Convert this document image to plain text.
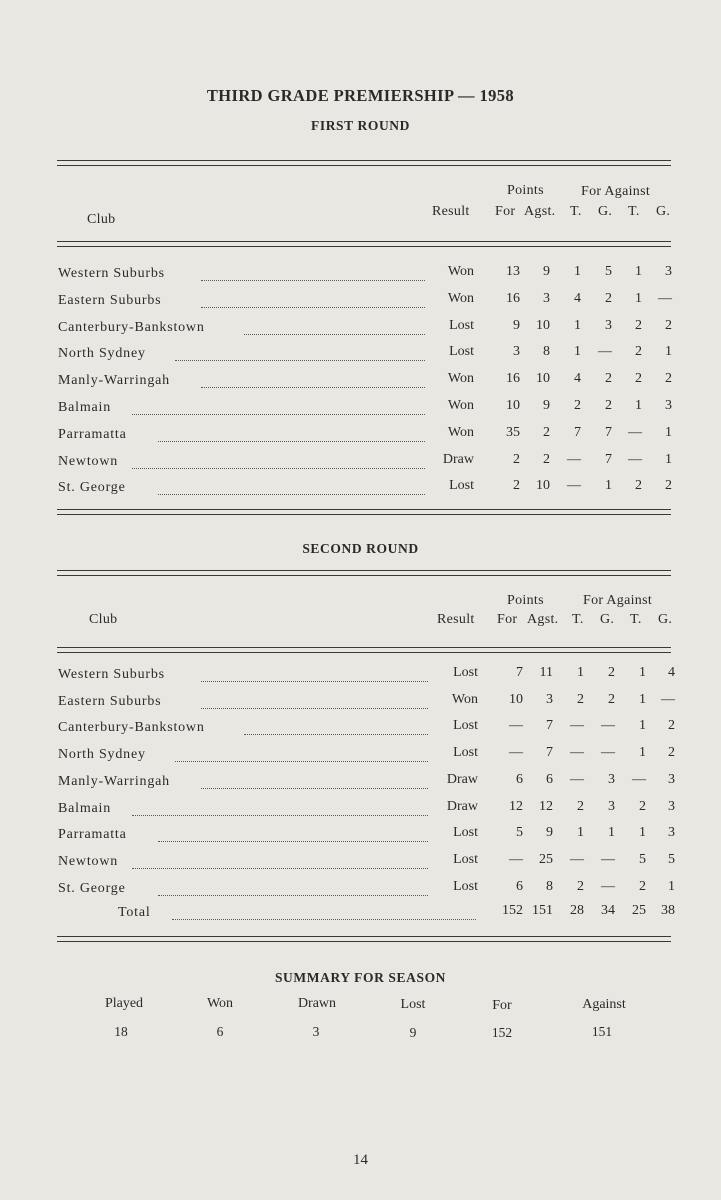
THIRD GRADE PREMIERSHIP — 1958
FIRST ROUND
Points	For Against
Club
Result For Agst. T. G. T. G.
Western Suburbs	Won	13	9	1	5	1	3
Eastern Suburbs	Won	16	3	4	2	1	—
Canterbury-Bankstown	Lost	9	10	1	3	2	2
North Sydney	Lost	3	8	1	—	2	1
Manly-Warringah	Won	16	10	4	2	2	2
Balmain	Won	10	9	2	2	1	3
Parramatta	Won	35	2	7	7	—	1
Newtown	Draw	2	2	—	7	—	1
St. George	Lost	2	10	—	1	2	2
SECOND ROUND
Points	For Against
Club	Result For Agst. T. G. T. G.
Western Suburbs	Lost	7	11	1	2	1	4
Eastern Suburbs	Won	10	3	2	2	1	—
Canterbury-Bankstown	Lost	—	7	—	—	1	2
North Sydney	Lost	—	7	—	—	1	2
Manly-Warringah	Draw	6	6	—	3	—	3
Balmain	Draw	12	12	2	3	2	3
Parramatta	Lost	5	9	1	1	1	3
Newtown	Lost	—	25	—	—	5	5
St. George	Lost	6	8	2	—	2	1
Total	152 151	28	34	25	38
SUMMARY FOR SEASON
Played	Won	Drawn	Lost	For	Against
18	6	3	9	152	151
14
